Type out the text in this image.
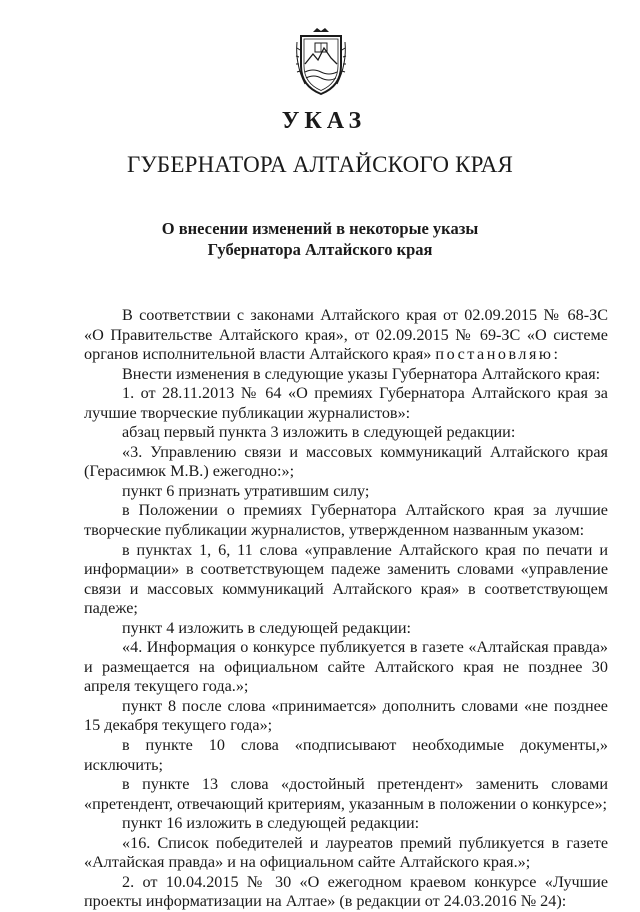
УКАЗ
ГУБЕРНАТОРА АЛТАЙСКОГО КРАЯ
О внесении изменений в некоторые указы
Губернатора Алтайского края

В соответствии с законами Алтайского края от 02.09.2015 № 68-ЗС «О Правительстве Алтайского края», от 02.09.2015 № 69-ЗС «О системе органов исполнительной власти Алтайского края» постановляю:

Внести изменения в следующие указы Губернатора Алтайского края:

1. от 28.11.2013 № 64 «О премиях Губернатора Алтайского края за лучшие творческие публикации журналистов»:

абзац первый пункта 3 изложить в следующей редакции:

«3. Управлению связи и массовых коммуникаций Алтайского края (Герасимюк М.В.) ежегодно:»;

пункт 6 признать утратившим силу;

в Положении о премиях Губернатора Алтайского края за лучшие творческие публикации журналистов, утвержденном названным указом:

в пунктах 1, 6, 11 слова «управление Алтайского края по печати и информации» в соответствующем падеже заменить словами «управление связи и массовых коммуникаций Алтайского края» в соответствующем падеже;

пункт 4 изложить в следующей редакции:

«4. Информация о конкурсе публикуется в газете «Алтайская правда» и размещается на официальном сайте Алтайского края не позднее 30 апреля текущего года.»;

пункт 8 после слова «принимается» дополнить словами «не позднее 15 декабря текущего года»;

в пункте 10 слова «подписывают необходимые документы,» исключить;

в пункте 13 слова «достойный претендент» заменить словами «претендент, отвечающий критериям, указанным в положении о конкурсе»;

пункт 16 изложить в следующей редакции:

«16. Список победителей и лауреатов премий публикуется в газете «Алтайская правда» и на официальном сайте Алтайского края.»;

2. от 10.04.2015 № 30 «О ежегодном краевом конкурсе «Лучшие проекты информатизации на Алтае» (в редакции от 24.03.2016 № 24):
